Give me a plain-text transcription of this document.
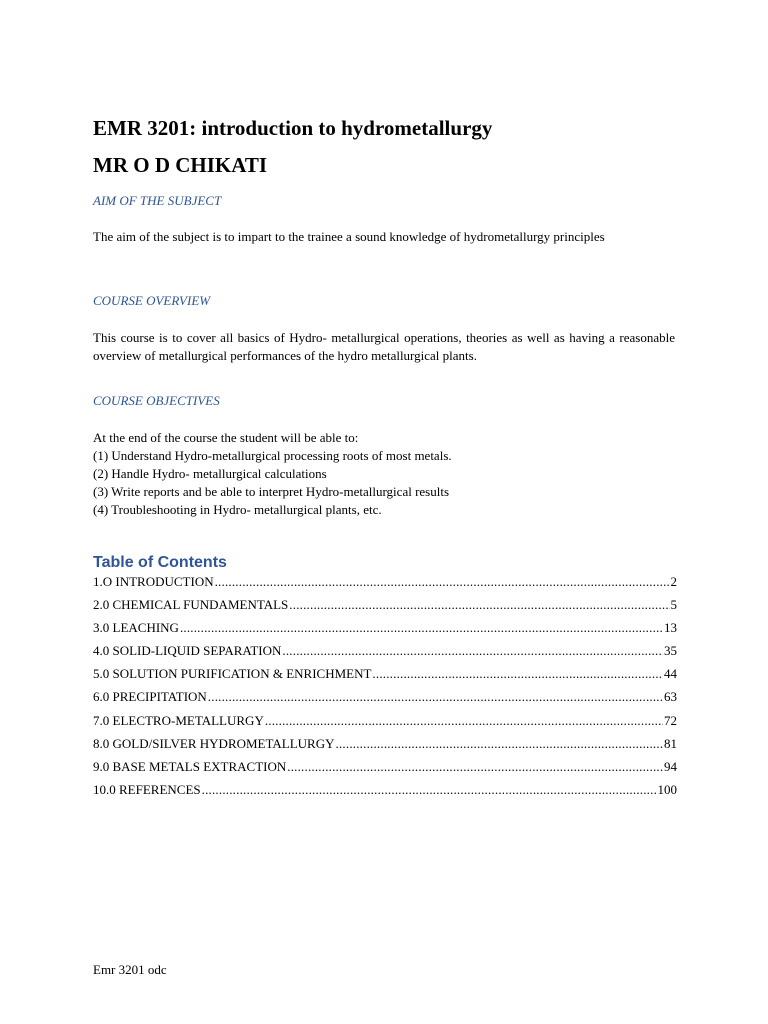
EMR 3201: introduction to hydrometallurgy
MR O D CHIKATI

AIM OF THE SUBJECT

The aim of the subject is to impart to the trainee a sound knowledge of hydrometallurgy principles

COURSE OVERVIEW

This course is to cover all basics of Hydro- metallurgical operations, theories as well as having a reasonable overview of metallurgical performances of the hydro metallurgical plants.

COURSE OBJECTIVES

At the end of the course the student will be able to:
(1) Understand Hydro-metallurgical processing roots of most metals.
(2) Handle Hydro- metallurgical calculations
(3) Write reports and be able to interpret Hydro-metallurgical results
(4) Troubleshooting in Hydro- metallurgical plants, etc.
Table of Contents
1.O INTRODUCTION .....	2
2.0 CHEMICAL FUNDAMENTALS .....	5
3.0 LEACHING .....	13
4.0 SOLID-LIQUID SEPARATION .....	35
5.0 SOLUTION PURIFICATION & ENRICHMENT .....	44
6.0 PRECIPITATION .....	63
7.0 ELECTRO-METALLURGY .....	72
8.0 GOLD/SILVER HYDROMETALLURGY .....	81
9.0 BASE METALS EXTRACTION .....	94
10.0 REFERENCES .....	100

Emr 3201 odc
